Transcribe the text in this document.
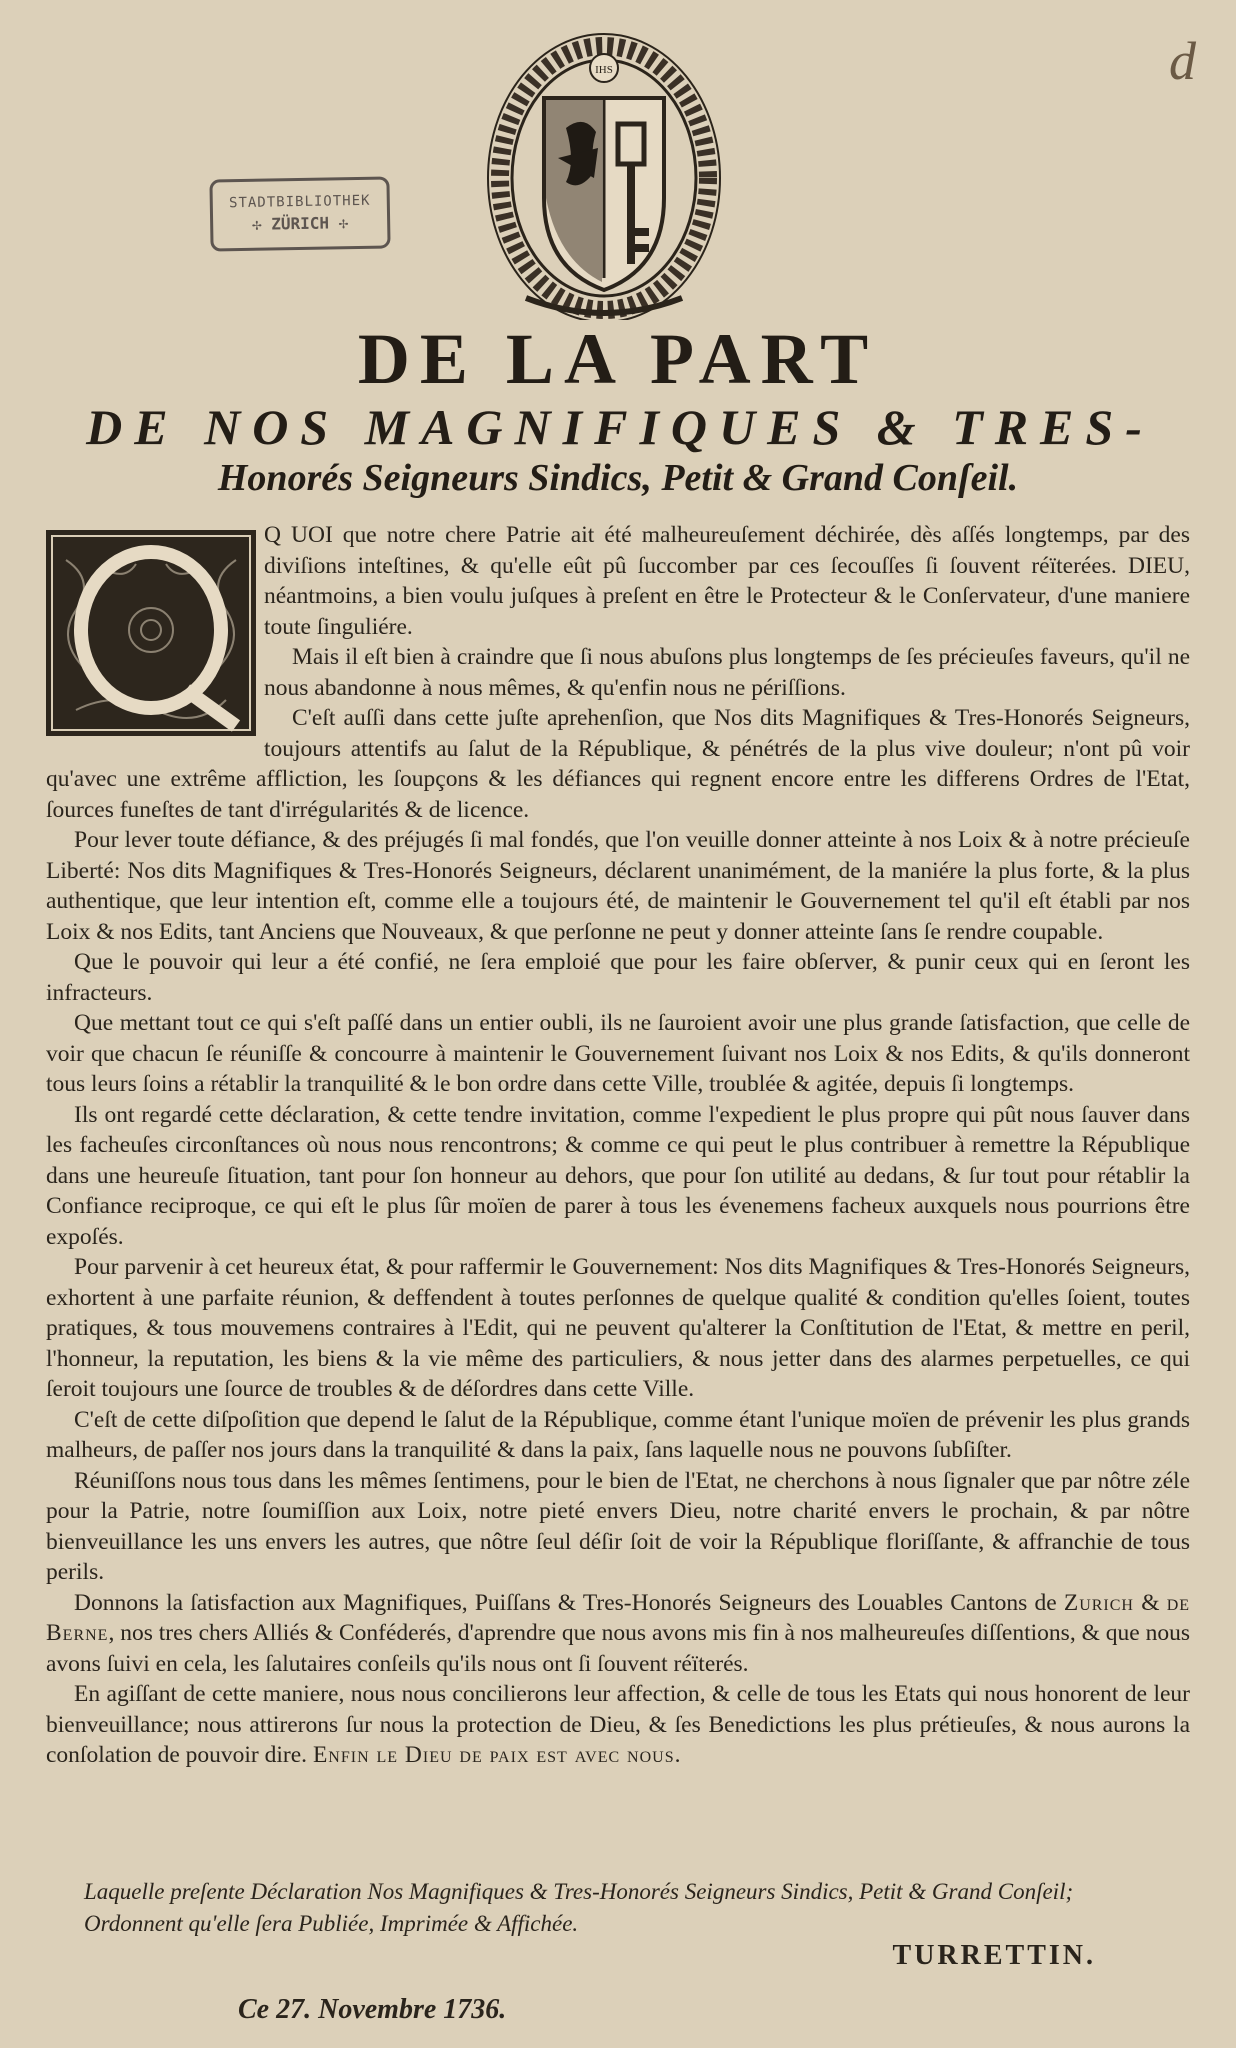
d
STADTBIBLIOTHEK
✢ ZÜRICH ✢
IHS
DE LA PART
DE NOS MAGNIFIQUES & TRES-
Honorés Seigneurs Sindics, Petit & Grand Conſeil.

Q UOI que notre chere Patrie ait été malheureuſement déchirée, dès aſſés longtemps, par des diviſions inteſtines, & qu'elle eût pû ſuccomber par ces ſecouſſes ſi ſouvent réïterées. DIEU, néantmoins, a bien voulu juſques à preſent en être le Protecteur & le Conſervateur, d'une maniere toute ſinguliére.

Mais il eſt bien à craindre que ſi nous abuſons plus longtemps de ſes précieuſes faveurs, qu'il ne nous abandonne à nous mêmes, & qu'enfin nous ne périſſions.

C'eſt auſſi dans cette juſte aprehenſion, que Nos dits Magnifiques & Tres-Honorés Seigneurs, toujours attentifs au ſalut de la République, & pénétrés de la plus vive douleur; n'ont pû voir qu'avec une extrême affliction, les ſoupçons & les défiances qui regnent encore entre les differens Ordres de l'Etat, ſources funeſtes de tant d'irrégularités & de licence.

Pour lever toute défiance, & des préjugés ſi mal fondés, que l'on veuille donner atteinte à nos Loix & à notre précieuſe Liberté: Nos dits Magnifiques & Tres-Honorés Seigneurs, déclarent unanimément, de la maniére la plus forte, & la plus authentique, que leur intention eſt, comme elle a toujours été, de maintenir le Gouvernement tel qu'il eſt établi par nos Loix & nos Edits, tant Anciens que Nouveaux, & que perſonne ne peut y donner atteinte ſans ſe rendre coupable.

Que le pouvoir qui leur a été confié, ne ſera emploié que pour les faire obſerver, & punir ceux qui en ſeront les infracteurs.

Que mettant tout ce qui s'eſt paſſé dans un entier oubli, ils ne ſauroient avoir une plus grande ſatisfaction, que celle de voir que chacun ſe réuniſſe & concourre à maintenir le Gouvernement ſuivant nos Loix & nos Edits, & qu'ils donneront tous leurs ſoins a rétablir la tranquilité & le bon ordre dans cette Ville, troublée & agitée, depuis ſi longtemps.

Ils ont regardé cette déclaration, & cette tendre invitation, comme l'expedient le plus propre qui pût nous ſauver dans les facheuſes circonſtances où nous nous rencontrons; & comme ce qui peut le plus contribuer à remettre la République dans une heureuſe ſituation, tant pour ſon honneur au dehors, que pour ſon utilité au dedans, & ſur tout pour rétablir la Confiance reciproque, ce qui eſt le plus ſûr moïen de parer à tous les évenemens facheux auxquels nous pourrions être expoſés.

Pour parvenir à cet heureux état, & pour raffermir le Gouvernement: Nos dits Magnifiques & Tres-Honorés Seigneurs, exhortent à une parfaite réunion, & deffendent à toutes perſonnes de quelque qualité & condition qu'elles ſoient, toutes pratiques, & tous mouvemens contraires à l'Edit, qui ne peuvent qu'alterer la Conſtitution de l'Etat, & mettre en peril, l'honneur, la reputation, les biens & la vie même des particuliers, & nous jetter dans des alarmes perpetuelles, ce qui ſeroit toujours une ſource de troubles & de déſordres dans cette Ville.

C'eſt de cette diſpoſition que depend le ſalut de la République, comme étant l'unique moïen de prévenir les plus grands malheurs, de paſſer nos jours dans la tranquilité & dans la paix, ſans laquelle nous ne pouvons ſubſiſter.

Réuniſſons nous tous dans les mêmes ſentimens, pour le bien de l'Etat, ne cherchons à nous ſignaler que par nôtre zéle pour la Patrie, notre ſoumiſſion aux Loix, notre pieté envers Dieu, notre charité envers le prochain, & par nôtre bienveuillance les uns envers les autres, que nôtre ſeul déſir ſoit de voir la République floriſſante, & affranchie de tous perils.

Donnons la ſatisfaction aux Magnifiques, Puiſſans & Tres-Honorés Seigneurs des Louables Cantons de Zurich & de Berne, nos tres chers Alliés & Conféderés, d'aprendre que nous avons mis fin à nos malheureuſes diſſentions, & que nous avons ſuivi en cela, les ſalutaires conſeils qu'ils nous ont ſi ſouvent réïterés.

En agiſſant de cette maniere, nous nous concilierons leur affection, & celle de tous les Etats qui nous honorent de leur bienveuillance; nous attirerons ſur nous la protection de Dieu, & ſes Benedictions les plus prétieuſes, & nous aurons la conſolation de pouvoir dire. Enfin le Dieu de paix est avec nous.

Laquelle preſente Déclaration Nos Magnifiques & Tres-Honorés Seigneurs Sindics, Petit & Grand Conſeil;
Ordonnent qu'elle ſera Publiée, Imprimée & Affichée.
TURRETTIN.
Ce 27. Novembre 1736.
